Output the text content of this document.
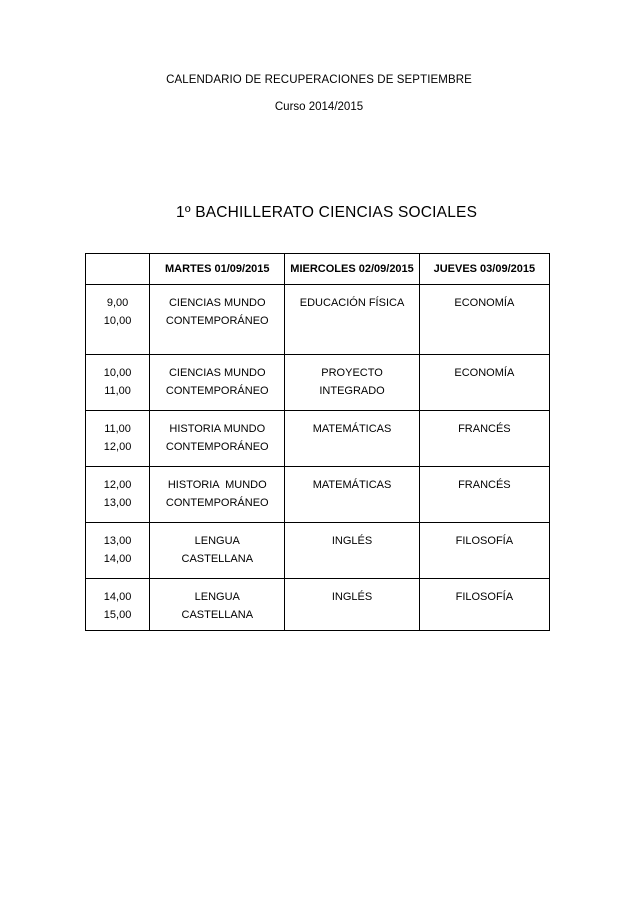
CALENDARIO DE RECUPERACIONES DE SEPTIEMBRE
Curso 2014/2015
1º BACHILLERATO CIENCIAS SOCIALES
	MARTES 01/09/2015	MIERCOLES 02/09/2015	JUEVES 03/09/2015

9,00
10,00	CIENCIAS MUNDO
CONTEMPORÁNEO	EDUCACIÓN FÍSICA	ECONOMÍA

10,00
11,00	CIENCIAS MUNDO
CONTEMPORÁNEO	PROYECTO
INTEGRADO	ECONOMÍA

11,00
12,00	HISTORIA MUNDO
CONTEMPORÁNEO	MATEMÁTICAS	FRANCÉS

12,00
13,00	HISTORIA  MUNDO
CONTEMPORÁNEO	MATEMÁTICAS	FRANCÉS

13,00
14,00	LENGUA
CASTELLANA	INGLÉS	FILOSOFÍA

14,00
15,00	LENGUA
CASTELLANA	INGLÉS	FILOSOFÍA
